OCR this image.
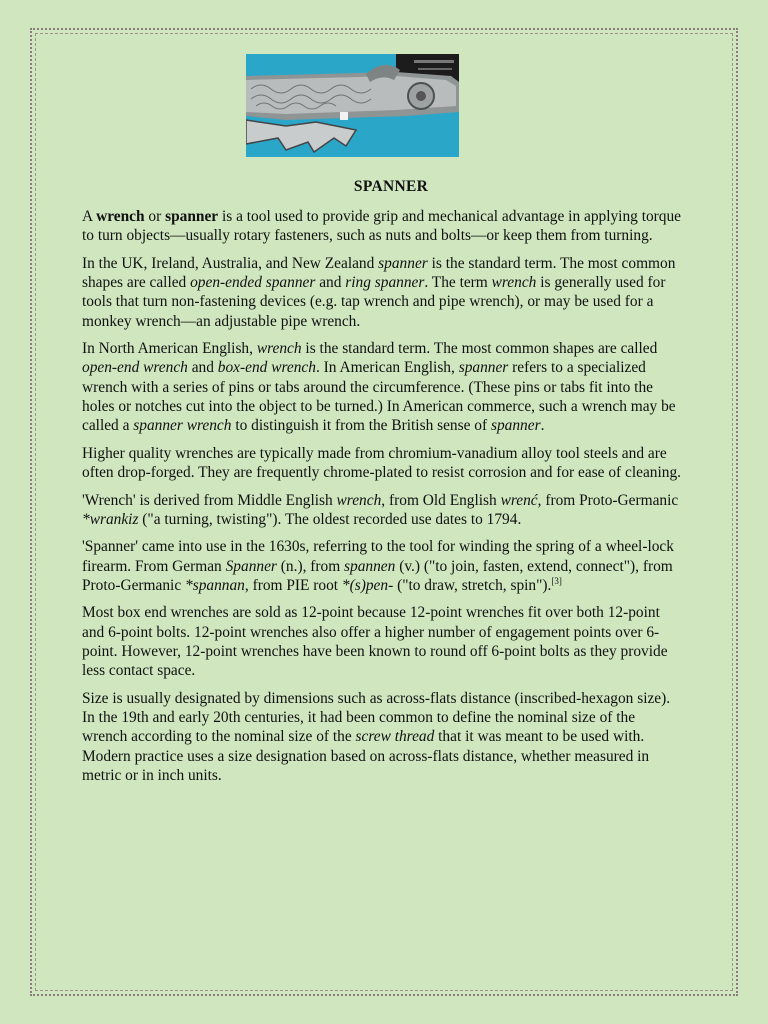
SPANNER

A wrench or spanner is a tool used to provide grip and mechanical advantage in applying torque to turn objects—usually rotary fasteners, such as nuts and bolts—or keep them from turning.

In the UK, Ireland, Australia, and New Zealand spanner is the standard term. The most common shapes are called open-ended spanner and ring spanner. The term wrench is generally used for tools that turn non-fastening devices (e.g. tap wrench and pipe wrench), or may be used for a monkey wrench—an adjustable pipe wrench.

In North American English, wrench is the standard term. The most common shapes are called open-end wrench and box-end wrench. In American English, spanner refers to a specialized wrench with a series of pins or tabs around the circumference. (These pins or tabs fit into the holes or notches cut into the object to be turned.) In American commerce, such a wrench may be called a spanner wrench to distinguish it from the British sense of spanner.

Higher quality wrenches are typically made from chromium-vanadium alloy tool steels and are often drop-forged. They are frequently chrome-plated to resist corrosion and for ease of cleaning.

'Wrench' is derived from Middle English wrench, from Old English wrenć, from Proto-Germanic *wrankiz ("a turning, twisting"). The oldest recorded use dates to 1794.

'Spanner' came into use in the 1630s, referring to the tool for winding the spring of a wheel-lock firearm. From German Spanner (n.), from spannen (v.) ("to join, fasten, extend, connect"), from Proto-Germanic *spannan, from PIE root *(s)pen- ("to draw, stretch, spin").[3]

Most box end wrenches are sold as 12-point because 12-point wrenches fit over both 12-point and 6-point bolts. 12-point wrenches also offer a higher number of engagement points over 6-point. However, 12-point wrenches have been known to round off 6-point bolts as they provide less contact space.

Size is usually designated by dimensions such as across-flats distance (inscribed-hexagon size). In the 19th and early 20th centuries, it had been common to define the nominal size of the wrench according to the nominal size of the screw thread that it was meant to be used with. Modern practice uses a size designation based on across-flats distance, whether measured in metric or in inch units.
